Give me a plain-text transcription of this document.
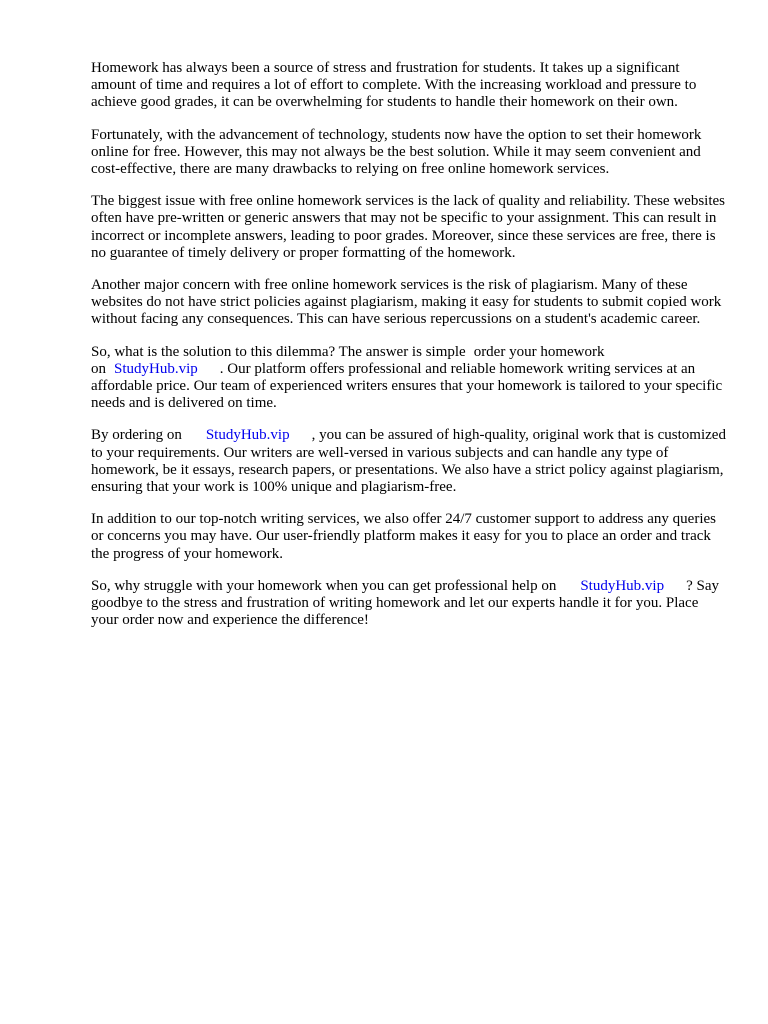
Homework has always been a source of stress and frustration for students. It takes up a significant amount of time and requires a lot of effort to complete. With the increasing workload and pressure to achieve good grades, it can be overwhelming for students to handle their homework on their own.

Fortunately, with the advancement of technology, students now have the option to set their homework online for free. However, this may not always be the best solution. While it may seem convenient and cost-effective, there are many drawbacks to relying on free online homework services.

The biggest issue with free online homework services is the lack of quality and reliability. These websites often have pre-written or generic answers that may not be specific to your assignment. This can result in incorrect or incomplete answers, leading to poor grades. Moreover, since these services are free, there is no guarantee of timely delivery or proper formatting of the homework.

Another major concern with free online homework services is the risk of plagiarism. Many of these websites do not have strict policies against plagiarism, making it easy for students to submit copied work without facing any consequences. This can have serious repercussions on a student's academic career.

So, what is the solution to this dilemma? The answer is simple order your homework on StudyHub.vip . Our platform offers professional and reliable homework writing services at an affordable price. Our team of experienced writers ensures that your homework is tailored to your specific needs and is delivered on time.

By ordering on StudyHub.vip , you can be assured of high-quality, original work that is customized to your requirements. Our writers are well-versed in various subjects and can handle any type of homework, be it essays, research papers, or presentations. We also have a strict policy against plagiarism, ensuring that your work is 100% unique and plagiarism-free.

In addition to our top-notch writing services, we also offer 24/7 customer support to address any queries or concerns you may have. Our user-friendly platform makes it easy for you to place an order and track the progress of your homework.

So, why struggle with your homework when you can get professional help on StudyHub.vip ? Say goodbye to the stress and frustration of writing homework and let our experts handle it for you. Place your order now and experience the difference!
